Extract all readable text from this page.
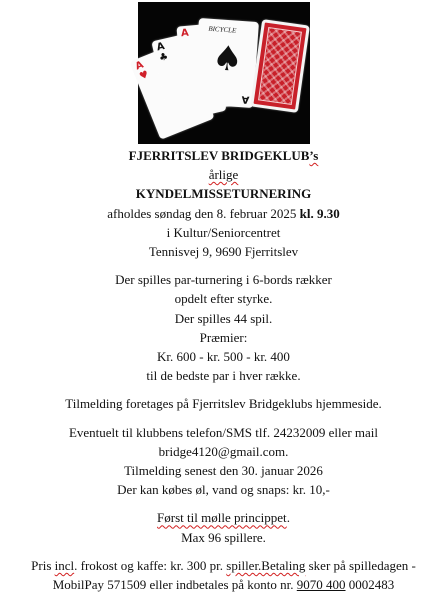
A
♥
A
♣
A	BICYCLE
♠
A

FJERRITSLEV BRIDGEKLUB’s

årlige

KYNDELMISSETURNERING

afholdes søndag den 8. februar 2025 kl. 9.30

i Kultur/Seniorcentret

Tennisvej 9, 9690 Fjerritslev

Der spilles par-turnering i 6-bords rækker

opdelt efter styrke.

Der spilles 44 spil.

Præmier:

Kr. 600 - kr. 500 - kr. 400

til de bedste par i hver række.

Tilmelding foretages på Fjerritslev Bridgeklubs hjemmeside.

Eventuelt til klubbens telefon/SMS tlf. 24232009 eller mail

bridge4120@gmail.com.

Tilmelding senest den 30. januar 2026

Der kan købes øl, vand og snaps: kr. 10,-

Først til mølle princippet.

Max 96 spillere.

Pris incl. frokost og kaffe: kr. 300 pr. spiller.Betaling sker på spilledagen -

MobilPay 571509 eller indbetales på konto nr. 9070 400 0002483
